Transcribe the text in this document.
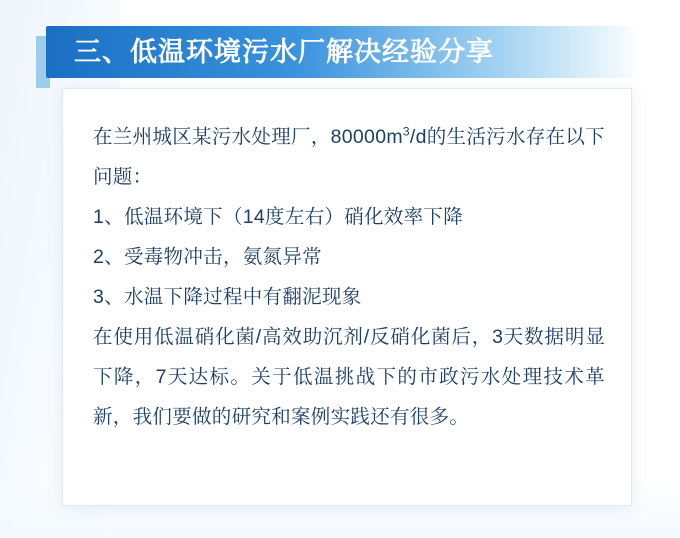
三、低温环境污水厂解决经验分享
在兰州城区某污水处理厂，$80000m^3/d$的生活污水存在以下问题：
1、低温环境下（14度左右）硝化效率下降
2、受毒物冲击，氨氮异常
3、水温下降过程中有翻泥现象
在使用低温硝化菌/高效助沉剂/反硝化菌后，3天数据明显下降，7天达标。关于低温挑战下的市政污水处理技术革新，我们要做的研究和案例实践还有很多。
